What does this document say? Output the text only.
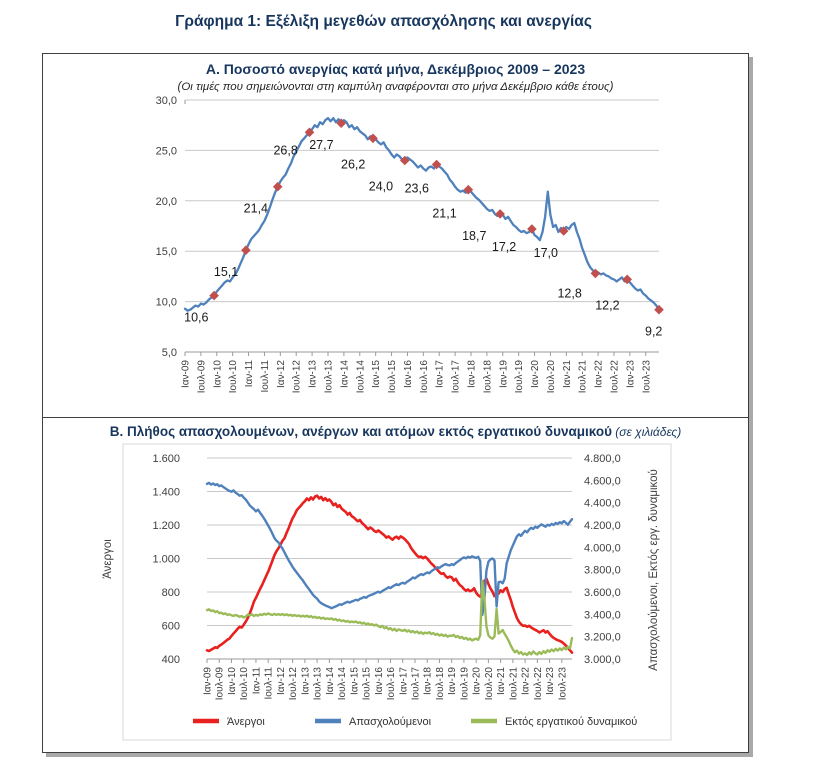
Γράφημα 1: Εξέλιξη μεγεθών απασχόλησης και ανεργίας
Α. Ποσοστό ανεργίας κατά μήνα, Δεκέμβριος 2009 – 2023
(Οι τιμές που σημειώνονται στη καμπύλη αναφέρονται στο μήνα Δεκέμβριο κάθε έτους)
30,0
25,0
20,0
15,0
10,0
5,0
Ιαν-09 Ιουλ-09 Ιαν-10 Ιουλ-10 Ιαν-11 Ιουλ-11 Ιαν-12 Ιουλ-12 Ιαν-13 Ιουλ-13 Ιαν-14 Ιουλ-14 Ιαν-15 Ιουλ-15 Ιαν-16 Ιουλ-16 Ιαν-17 Ιουλ-17 Ιαν-18 Ιουλ-18 Ιαν-19 Ιουλ-19 Ιαν-20 Ιουλ-20 Ιαν-21 Ιουλ-21 Ιαν-22 Ιουλ-22 Ιαν-23 Ιουλ-23
10,6
15,1
21,4
26,8 27,7
26,2
24,0 23,6
21,1
18,7
17,2 17,0
12,8
12,2
9,2
Β. Πλήθος απασχολουμένων, ανέργων και ατόμων εκτός εργατικού δυναμικού (σε χιλιάδες)
1.600
1.400
1.200
1.000
800
600
400
4.800,0
4.600,0
4.400,0
4.200,0
4.000,0
3.800,0
3.600,0
3.400,0
3.200,0
3.000,0
Ιαν-09 Ιουλ-09 Ιαν-10 Ιουλ-10 Ιαν-11 Ιουλ-11 Ιαν-12 Ιουλ-12 Ιαν-13 Ιουλ-13 Ιαν-14 Ιουλ-14 Ιαν-15 Ιουλ-15 Ιαν-16 Ιουλ-16 Ιαν-17 Ιουλ-17 Ιαν-18 Ιουλ-18 Ιαν-19 Ιουλ-19 Ιαν-20 Ιουλ-20 Ιαν-21 Ιουλ-21 Ιαν-22 Ιουλ-22 Ιαν-23 Ιουλ-23
Άνεργοι	Απασχολούμενοι, Εκτός εργ. δυναμικού
Άνεργοι	Απασχολούμενοι	Εκτός εργατικού δυναμικού
